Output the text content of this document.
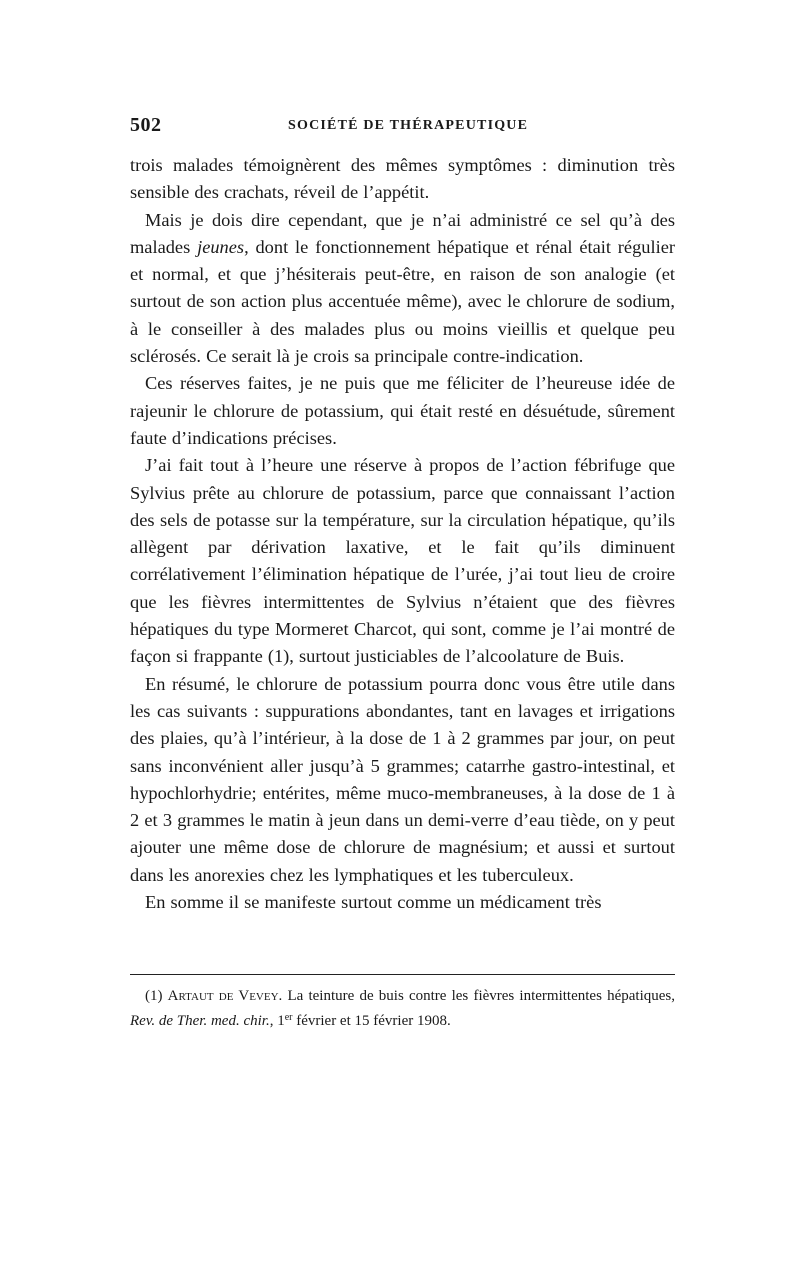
502	SOCIÉTÉ DE THÉRAPEUTIQUE

trois malades témoignèrent des mêmes symptômes : diminution très sensible des crachats, réveil de l’appétit.

Mais je dois dire cependant, que je n’ai administré ce sel qu’à des malades jeunes, dont le fonctionnement hépatique et rénal était régulier et normal, et que j’hésiterais peut-être, en raison de son analogie (et surtout de son action plus accentuée même), avec le chlorure de sodium, à le conseiller à des malades plus ou moins vieillis et quelque peu sclérosés. Ce serait là je crois sa principale contre-indication.

Ces réserves faites, je ne puis que me féliciter de l’heureuse idée de rajeunir le chlorure de potassium, qui était resté en désuétude, sûrement faute d’indications précises.

J’ai fait tout à l’heure une réserve à propos de l’action fébrifuge que Sylvius prête au chlorure de potassium, parce que connaissant l’action des sels de potasse sur la température, sur la circulation hépatique, qu’ils allègent par dérivation laxative, et le fait qu’ils diminuent corrélativement l’élimination hépatique de l’urée, j’ai tout lieu de croire que les fièvres intermittentes de Sylvius n’étaient que des fièvres hépatiques du type Mormeret Charcot, qui sont, comme je l’ai montré de façon si frappante (1), surtout justiciables de l’alcoolature de Buis.

En résumé, le chlorure de potassium pourra donc vous être utile dans les cas suivants : suppurations abondantes, tant en lavages et irrigations des plaies, qu’à l’intérieur, à la dose de 1 à 2 grammes par jour, on peut sans inconvénient aller jusqu’à 5 grammes; catarrhe gastro-intestinal, et hypochlorhydrie; entérites, même muco-membraneuses, à la dose de 1 à 2 et 3 grammes le matin à jeun dans un demi-verre d’eau tiède, on y peut ajouter une même dose de chlorure de magnésium; et aussi et surtout dans les anorexies chez les lymphatiques et les tuberculeux.

En somme il se manifeste surtout comme un médicament très

(1) Artaut de Vevey. La teinture de buis contre les fièvres intermittentes hépatiques, Rev. de Ther. med. chir., 1er février et 15 février 1908.
